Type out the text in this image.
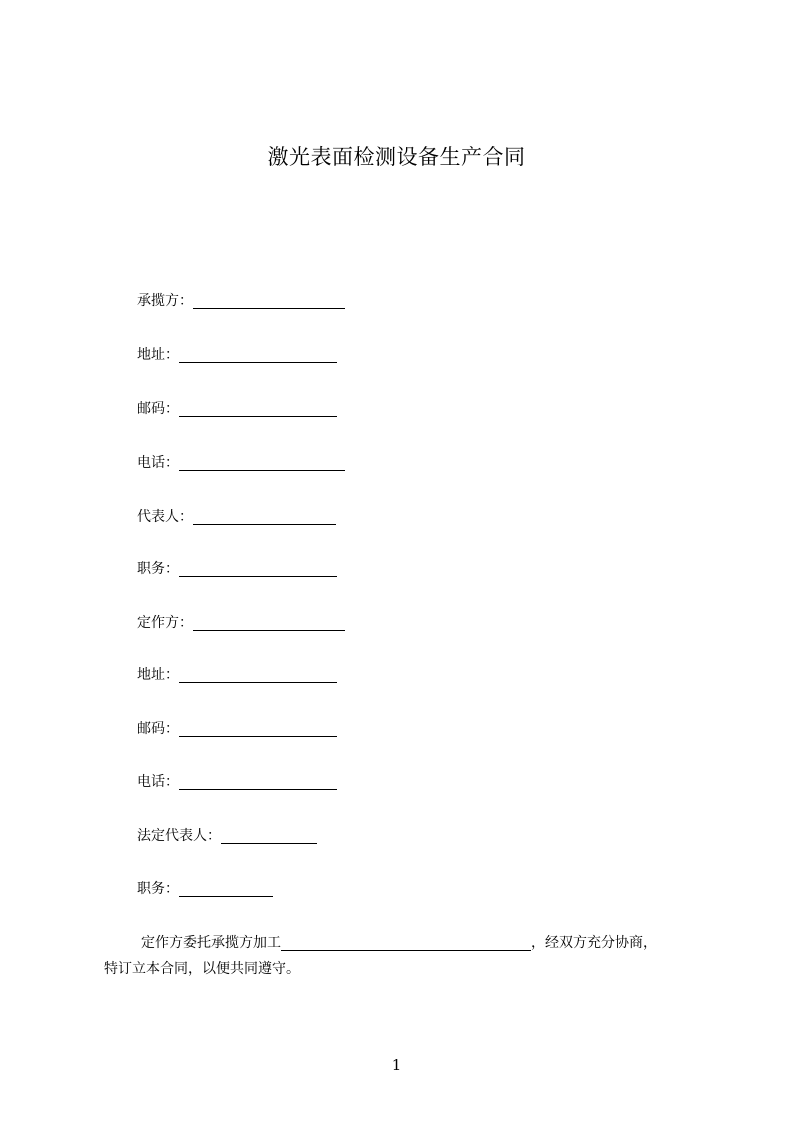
激光表面检测设备生产合同
承揽方：
地址：
邮码：
电话：
代表人：
职务：
定作方：
地址：
邮码：
电话：
法定代表人：
职务：
定作方委托承揽方加工	，经双方充分协商，
特订立本合同，以便共同遵守。
1
